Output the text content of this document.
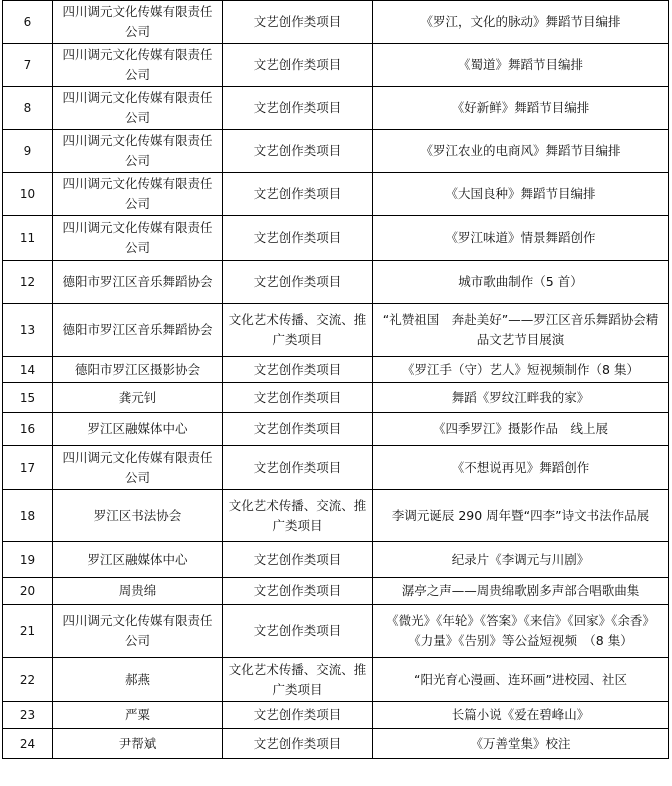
6	四川调元文化传媒有限责任公司	文艺创作类项目	《罗江，文化的脉动》舞蹈节目编排
7	四川调元文化传媒有限责任公司	文艺创作类项目	《蜀道》舞蹈节目编排
8	四川调元文化传媒有限责任公司	文艺创作类项目	《好新鲜》舞蹈节目编排
9	四川调元文化传媒有限责任公司	文艺创作类项目	《罗江农业的电商风》舞蹈节目编排
10	四川调元文化传媒有限责任公司	文艺创作类项目	《大国良种》舞蹈节目编排
11	四川调元文化传媒有限责任公司	文艺创作类项目	《罗江味道》情景舞蹈创作
12	德阳市罗江区音乐舞蹈协会	文艺创作类项目	城市歌曲制作（5 首）
13	德阳市罗江区音乐舞蹈协会	文化艺术传播、交流、推广类项目	“礼赞祖国　奔赴美好”——罗江区音乐舞蹈协会精品文艺节目展演
14	德阳市罗江区摄影协会	文艺创作类项目	《罗江手（守）艺人》短视频制作（8 集）
15	龚元钊	文艺创作类项目	舞蹈《罗纹江畔我的家》
16	罗江区融媒体中心	文艺创作类项目	《四季罗江》摄影作品　线上展
17	四川调元文化传媒有限责任公司	文艺创作类项目	《不想说再见》舞蹈创作
18	罗江区书法协会	文化艺术传播、交流、推广类项目	李调元诞辰 290 周年暨“四李”诗文书法作品展
19	罗江区融媒体中心	文艺创作类项目	纪录片《李调元与川剧》
20	周贵绵	文艺创作类项目	潺亭之声——周贵绵歌剧多声部合唱歌曲集
21	四川调元文化传媒有限责任公司	文艺创作类项目	《微光》《年轮》《答案》《来信》《回家》《余香》《力量》《告别》等公益短视频　（8 集）
22	郝燕	文化艺术传播、交流、推广类项目	“阳光育心漫画、连环画”进校园、社区
23	严粟	文艺创作类项目	长篇小说《爱在碧峰山》
24	尹帮斌	文艺创作类项目	《万善堂集》校注
